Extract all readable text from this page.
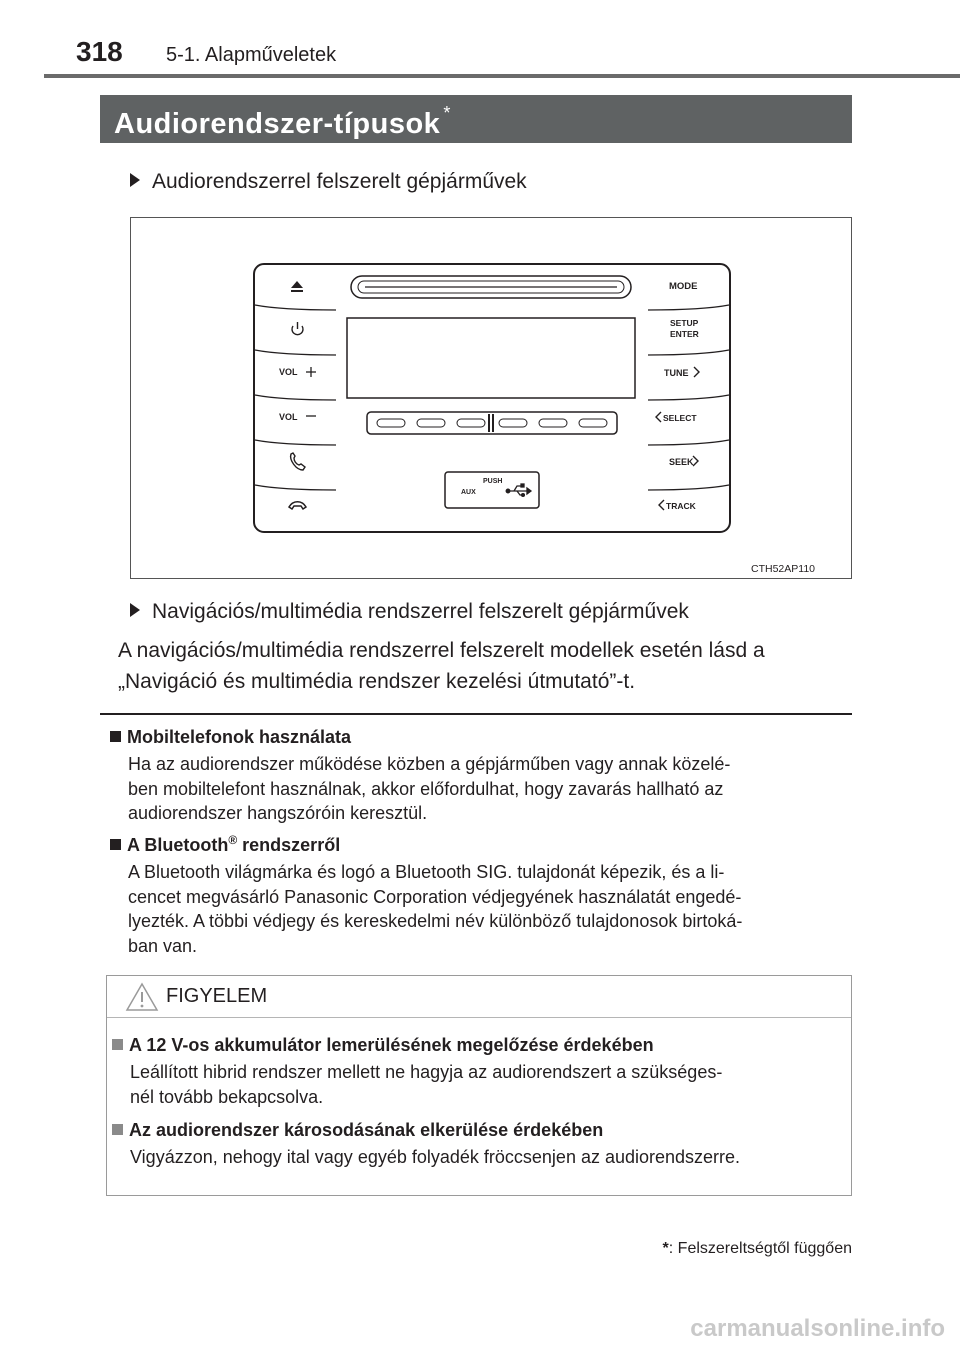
318 5-1. Alapműveletek
Audiorendszer-típusok *
Audiorendszerrel felszerelt gépjárművek
PUSH
AUX
VOL
VOL
MODE
SETUP
ENTER
TUNE
SELECT
SEEK
TRACK
CTH52AP110
Navigációs/multimédia rendszerrel felszerelt gépjárművek
A navigációs/multimédia rendszerrel felszerelt modellek esetén lásd a
„Navigáció és multimédia rendszer kezelési útmutató”-t.
Mobiltelefonok használata
Ha az audiorendszer működése közben a gépjárműben vagy annak közelé-
ben mobiltelefont használnak, akkor előfordulhat, hogy zavarás hallható az
audiorendszer hangszóróin keresztül.
A Bluetooth® rendszerről
A Bluetooth világmárka és logó a Bluetooth SIG. tulajdonát képezik, és a li-
cencet megvásárló Panasonic Corporation védjegyének használatát engedé-
lyezték. A többi védjegy és kereskedelmi név különböző tulajdonosok birtoká-
ban van.
FIGYELEM
A 12 V-os akkumulátor lemerülésének megelőzése érdekében
Leállított hibrid rendszer mellett ne hagyja az audiorendszert a szükséges-
nél tovább bekapcsolva.
Az audiorendszer károsodásának elkerülése érdekében
Vigyázzon, nehogy ital vagy egyéb folyadék fröccsenjen az audiorendszerre.
*: Felszereltségtől függően
carmanualsonline.info
